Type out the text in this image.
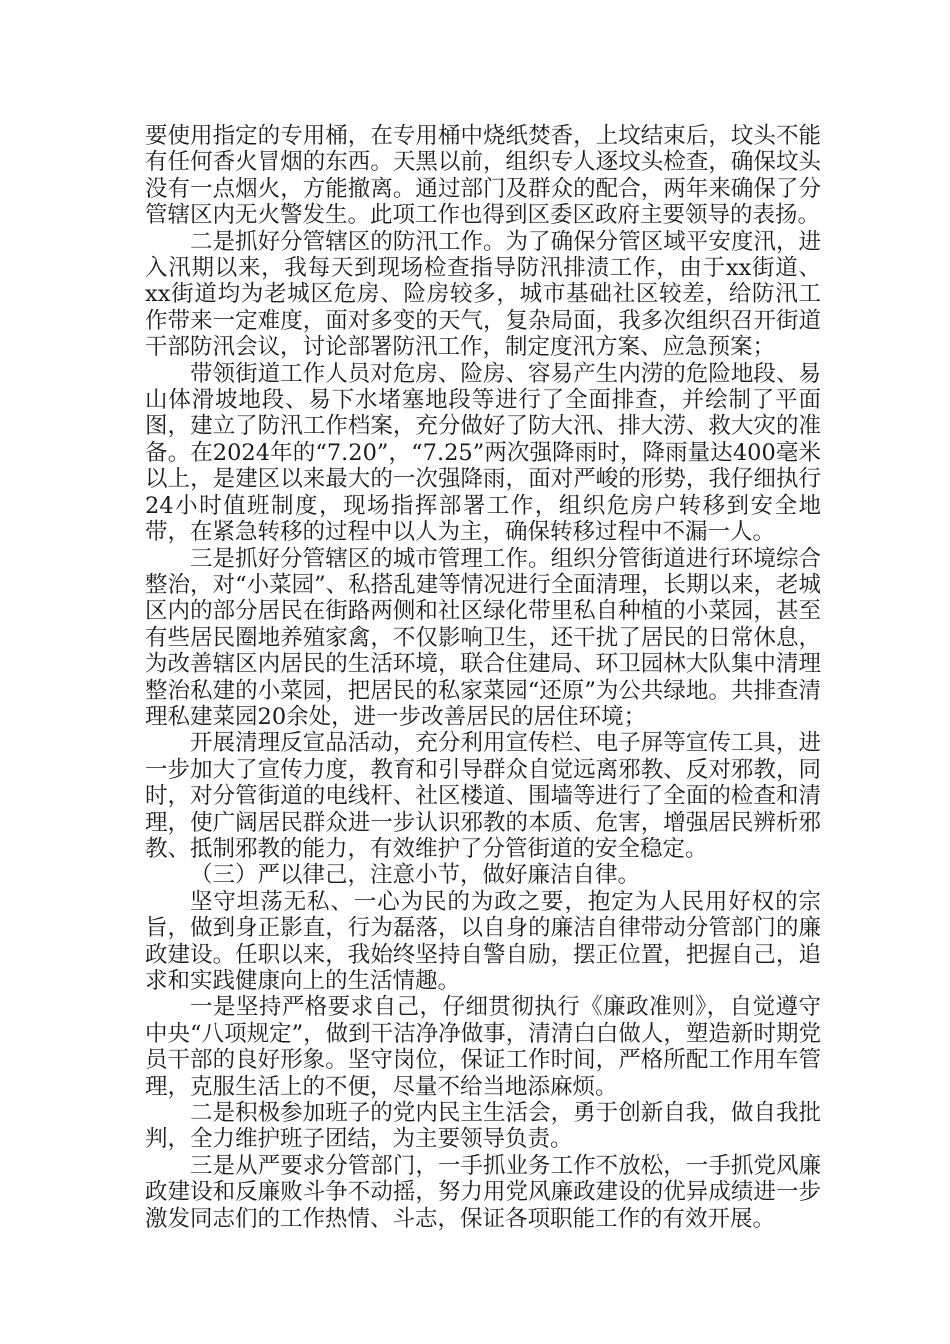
要使用指定的专用桶，在专用桶中烧纸焚香，上坟结束后，坟头不能有任何香火冒烟的东西。天黑以前，组织专人逐坟头检查，确保坟头没有一点烟火，方能撤离。通过部门及群众的配合，两年来确保了分管辖区内无火警发生。此项工作也得到区委区政府主要领导的表扬。

二是抓好分管辖区的防汛工作。为了确保分管区域平安度汛，进入汛期以来，我每天到现场检查指导防汛排渍工作，由于xx街道、xx街道均为老城区危房、险房较多，城市基础社区较差，给防汛工作带来一定难度，面对多变的天气，复杂局面，我多次组织召开街道干部防汛会议，讨论部署防汛工作，制定度汛方案、应急预案；

带领街道工作人员对危房、险房、容易产生内涝的危险地段、易山体滑坡地段、易下水堵塞地段等进行了全面排查，并绘制了平面图，建立了防汛工作档案，充分做好了防大汛、排大涝、救大灾的准备。在2024年的“7.20”，“7.25”两次强降雨时，降雨量达400毫米以上，是建区以来最大的一次强降雨，面对严峻的形势，我仔细执行24小时值班制度，现场指挥部署工作，组织危房户转移到安全地带，在紧急转移的过程中以人为主，确保转移过程中不漏一人。

三是抓好分管辖区的城市管理工作。组织分管街道进行环境综合整治，对“小菜园”、私搭乱建等情况进行全面清理，长期以来，老城区内的部分居民在街路两侧和社区绿化带里私自种植的小菜园，甚至有些居民圈地养殖家禽，不仅影响卫生，还干扰了居民的日常休息，为改善辖区内居民的生活环境，联合住建局、环卫园林大队集中清理整治私建的小菜园，把居民的私家菜园“还原”为公共绿地。共排查清理私建菜园20余处，进一步改善居民的居住环境；

开展清理反宣品活动，充分利用宣传栏、电子屏等宣传工具，进一步加大了宣传力度，教育和引导群众自觉远离邪教、反对邪教，同时，对分管街道的电线杆、社区楼道、围墙等进行了全面的检查和清理，使广阔居民群众进一步认识邪教的本质、危害，增强居民辨析邪教、抵制邪教的能力，有效维护了分管街道的安全稳定。

（三）严以律己，注意小节，做好廉洁自律。

坚守坦荡无私、一心为民的为政之要，抱定为人民用好权的宗旨，做到身正影直，行为磊落，以自身的廉洁自律带动分管部门的廉政建设。任职以来，我始终坚持自警自励，摆正位置，把握自己，追求和实践健康向上的生活情趣。

一是坚持严格要求自己，仔细贯彻执行《廉政准则》，自觉遵守中央“八项规定”，做到干洁净净做事，清清白白做人，塑造新时期党员干部的良好形象。坚守岗位，保证工作时间，严格所配工作用车管理，克服生活上的不便，尽量不给当地添麻烦。

二是积极参加班子的党内民主生活会，勇于创新自我，做自我批判，全力维护班子团结，为主要领导负责。

三是从严要求分管部门，一手抓业务工作不放松，一手抓党风廉政建设和反廉败斗争不动摇，努力用党风廉政建设的优异成绩进一步激发同志们的工作热情、斗志，保证各项职能工作的有效开展。
